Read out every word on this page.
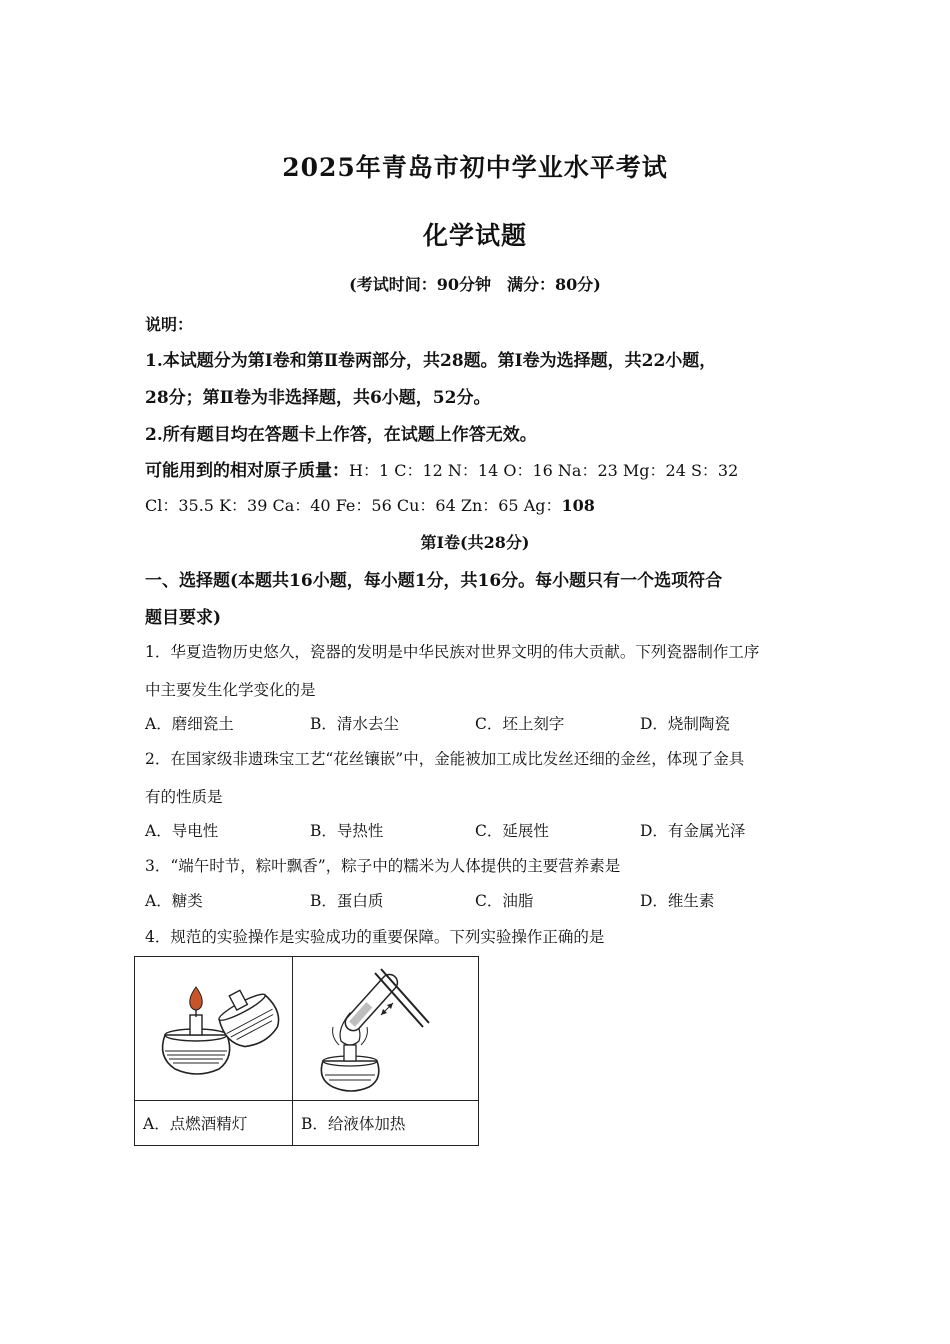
2025年青岛市初中学业水平考试
化学试题
(考试时间：90分钟　满分：80分)
说明：
1.本试题分为第Ⅰ卷和第Ⅱ卷两部分，共28题。第Ⅰ卷为选择题，共22小题，
28分；第Ⅱ卷为非选择题，共6小题，52分。
2.所有题目均在答题卡上作答，在试题上作答无效。
可能用到的相对原子质量：H：1 C：12 N：14 O：16 Na：23 Mg：24 S：32
Cl：35.5 K：39 Ca：40 Fe：56 Cu：64 Zn：65 Ag：108
第Ⅰ卷(共28分)
一、选择题(本题共16小题，每小题1分，共16分。每小题只有一个选项符合
题目要求)
1．华夏造物历史悠久，瓷器的发明是中华民族对世界文明的伟大贡献。下列瓷器制作工序
中主要发生化学变化的是
A．磨细瓷土	B．清水去尘	C．坯上刻字	D．烧制陶瓷
2．在国家级非遗珠宝工艺“花丝镶嵌”中，金能被加工成比发丝还细的金丝，体现了金具
有的性质是
A．导电性	B．导热性	C．延展性	D．有金属光泽
3．“端午时节，粽叶飘香”，粽子中的糯米为人体提供的主要营养素是
A．糖类	B．蛋白质	C．油脂	D．维生素
4．规范的实验操作是实验成功的重要保障。下列实验操作正确的是

A．点燃酒精灯	B．给液体加热
